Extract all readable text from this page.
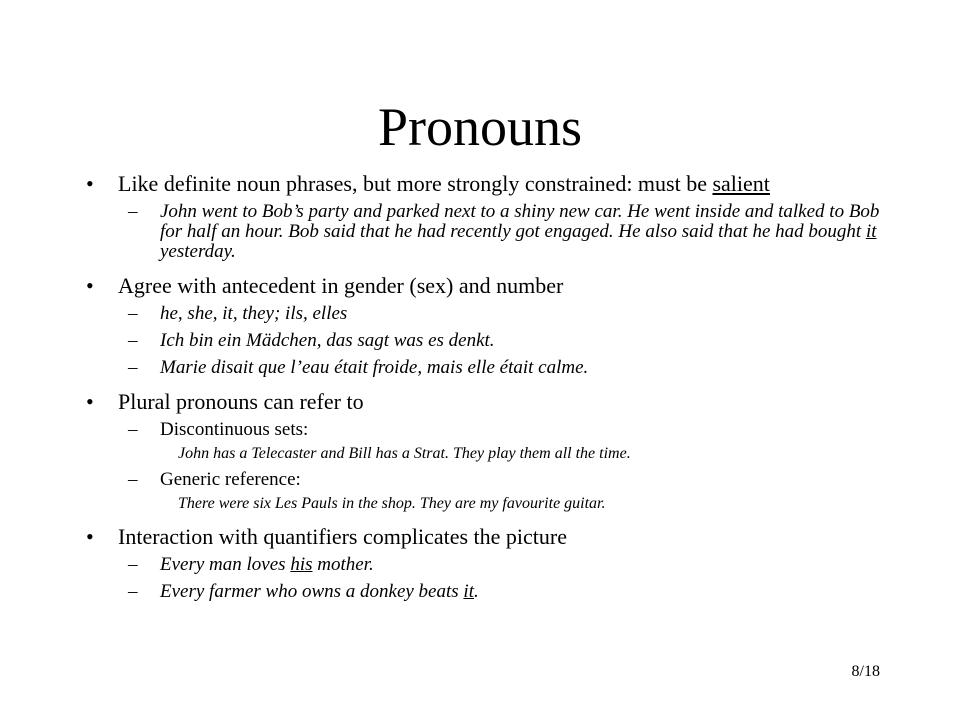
Pronouns
• Like definite noun phrases, but more strongly constrained: must be salient
– John went to Bob’s party and parked next to a shiny new car. He went inside and talked to Bob for half an hour. Bob said that he had recently got engaged. He also said that he had bought it yesterday.
• Agree with antecedent in gender (sex) and number
– he, she, it, they; ils, elles
– Ich bin ein Mädchen, das sagt was es denkt.
– Marie disait que l’eau était froide, mais elle était calme.
• Plural pronouns can refer to
– Discontinuous sets:
John has a Telecaster and Bill has a Strat. They play them all the time.
– Generic reference:
There were six Les Pauls in the shop. They are my favourite guitar.
• Interaction with quantifiers complicates the picture
– Every man loves his mother.
– Every farmer who owns a donkey beats it.
8/18
